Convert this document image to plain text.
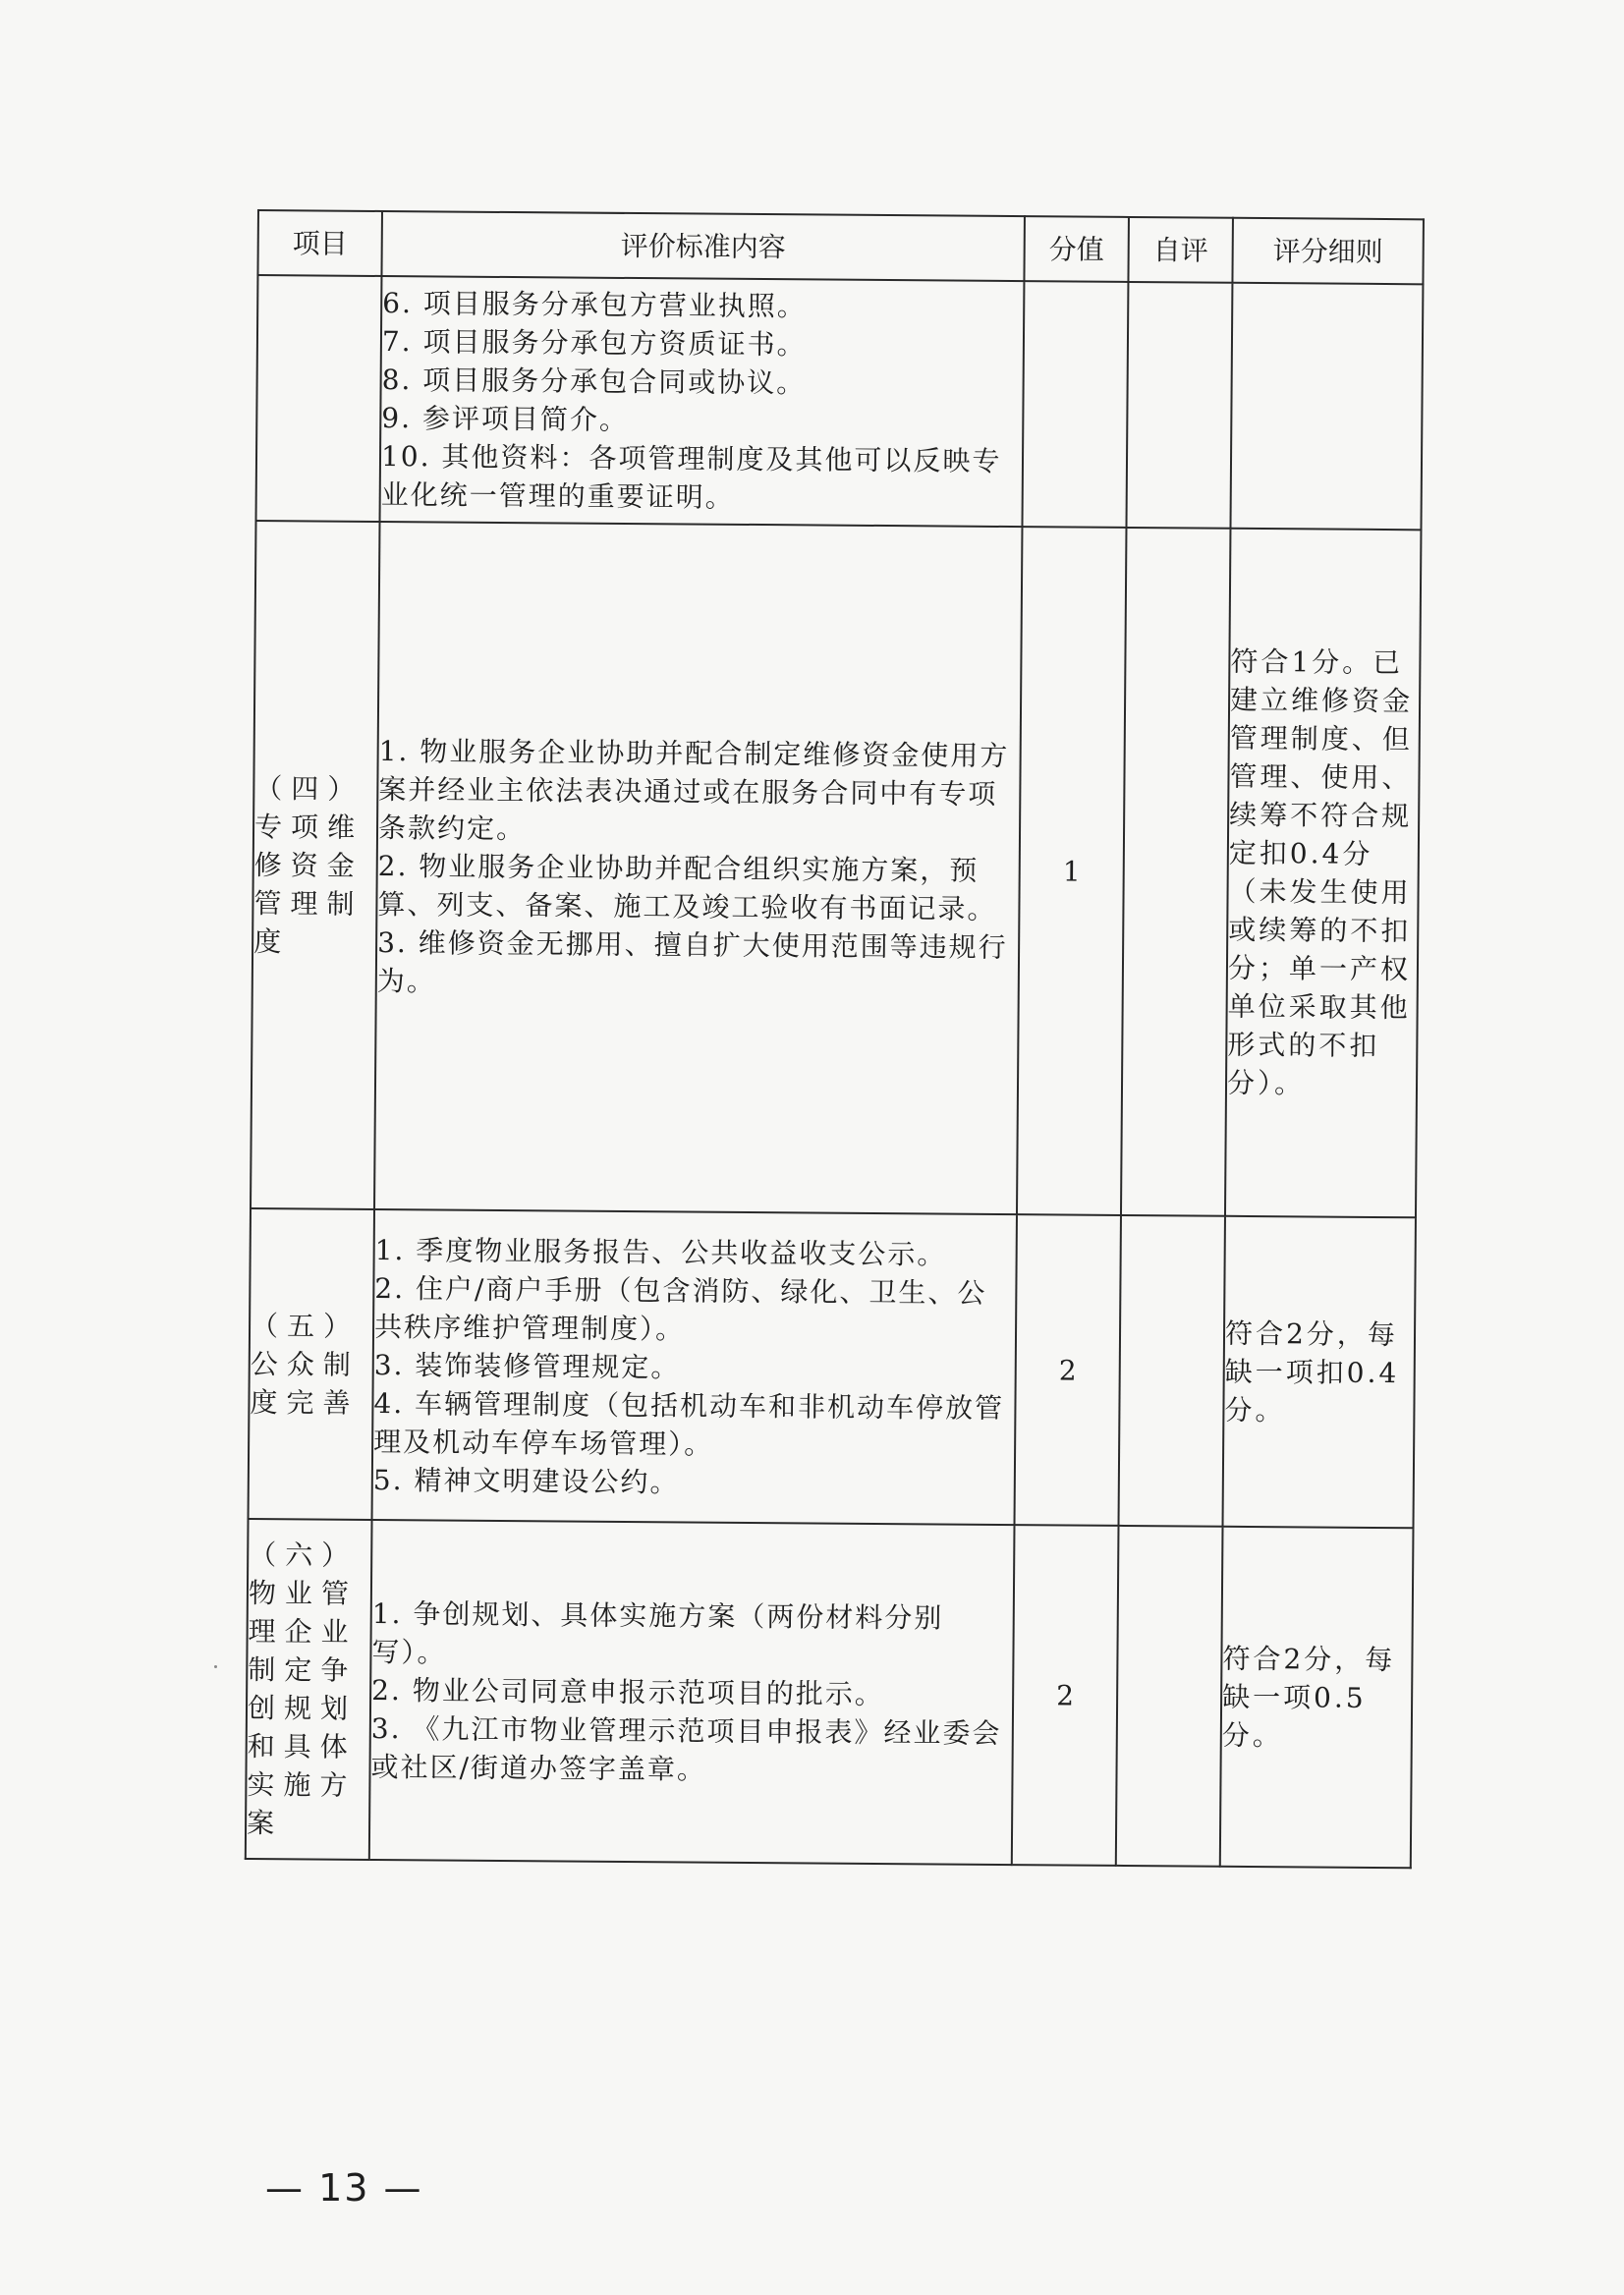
项目	评价标准内容	分值	自评	评分细则

	6. 项目服务分承包方营业执照。
7. 项目服务分承包方资质证书。
8. 项目服务分承包合同或协议。
9. 参评项目简介。
10. 其他资料：各项管理制度及其他可以反映专业化统一管理的重要证明。			

（四）专项维修资金管理制度	1. 物业服务企业协助并配合制定维修资金使用方案并经业主依法表决通过或在服务合同中有专项条款约定。
2. 物业服务企业协助并配合组织实施方案，预算、列支、备案、施工及竣工验收有书面记录。
3. 维修资金无挪用、擅自扩大使用范围等违规行为。	1		符合1分。已建立维修资金管理制度、但管理、使用、续筹不符合规定扣0.4分（未发生使用或续筹的不扣分；单一产权单位采取其他形式的不扣分）。
（五）公众制度完善	1. 季度物业服务报告、公共收益收支公示。
2. 住户/商户手册（包含消防、绿化、卫生、公共秩序维护管理制度）。
3. 装饰装修管理规定。
4. 车辆管理制度（包括机动车和非机动车停放管理及机动车停车场管理）。
5. 精神文明建设公约。	2		符合2分，每缺一项扣0.4分。
（六）物业管理企业制定争创规划和具体实施方案	1. 争创规划、具体实施方案（两份材料分别写）。
2. 物业公司同意申报示范项目的批示。
3. 《九江市物业管理示范项目申报表》经业委会或社区/街道办签字盖章。	2		符合2分，每缺一项0.5分。
— 13 —
